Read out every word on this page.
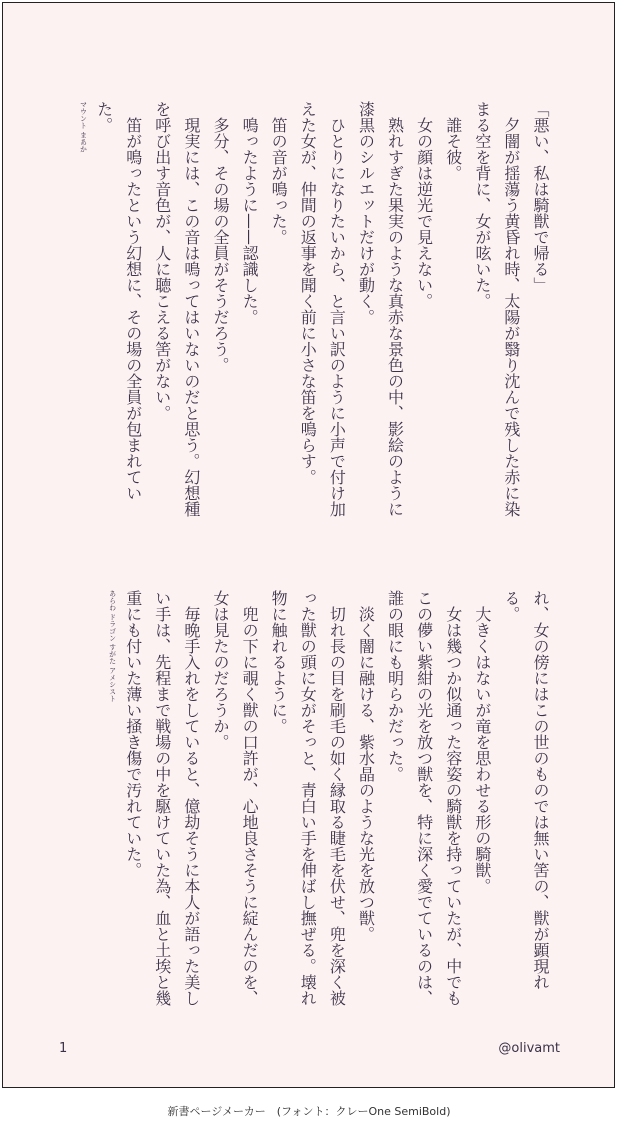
「悪い、私は騎獣で帰る」

　夕闇が揺蕩う黄昏れ時、太陽が翳り沈んで残した赤に染まる空を背に、女が呟いた。

　誰そ彼。

　女の顔は逆光で見えない。

　熟れすぎた果実のような真赤な景色の中、影絵のように漆黒のシルエットだけが動く。

　ひとりになりたいから、と言い訳のように小声で付け加えた女が、仲間の返事を聞く前に小さな笛を鳴らす。

　笛の音が鳴った。

　鳴ったように——認識した。

　多分、その場の全員がそうだろう。

　現実には、この音は鳴ってはいないのだと思う。幻想種を呼び出す音色が、人に聴こえる筈がない。

　笛が鳴ったという幻想に、その場の全員が包まれていた。

マウント まあか

れ、女の傍にはこの世のものでは無い筈の、獣が顕現れる。

　大きくはないが竜を思わせる形の騎獣。

　女は幾つか似通った容姿の騎獣を持っていたが、中でもこの儚い紫紺の光を放つ獣を、特に深く愛でているのは、誰の眼にも明らかだった。

　淡く闇に融ける、紫水晶のような光を放つ獣。

　切れ長の目を刷毛の如く縁取る睫毛を伏せ、兜を深く被った獣の頭に女がそっと、青白い手を伸ばし撫ぜる。壊れ物に触れるように。

　兜の下に覗く獣の口許が、心地良さそうに綻んだのを、女は見たのだろうか。

　毎晩手入れをしていると、億劫そうに本人が語った美しい手は、先程まで戦場の中を駆けていた為、血と土埃と幾重にも付いた薄い掻き傷で汚れていた。

あらわ ドラゴン すがた アメシスト

1	@olivamt
新書ページメーカー　(フォント：クレーOne SemiBold)
